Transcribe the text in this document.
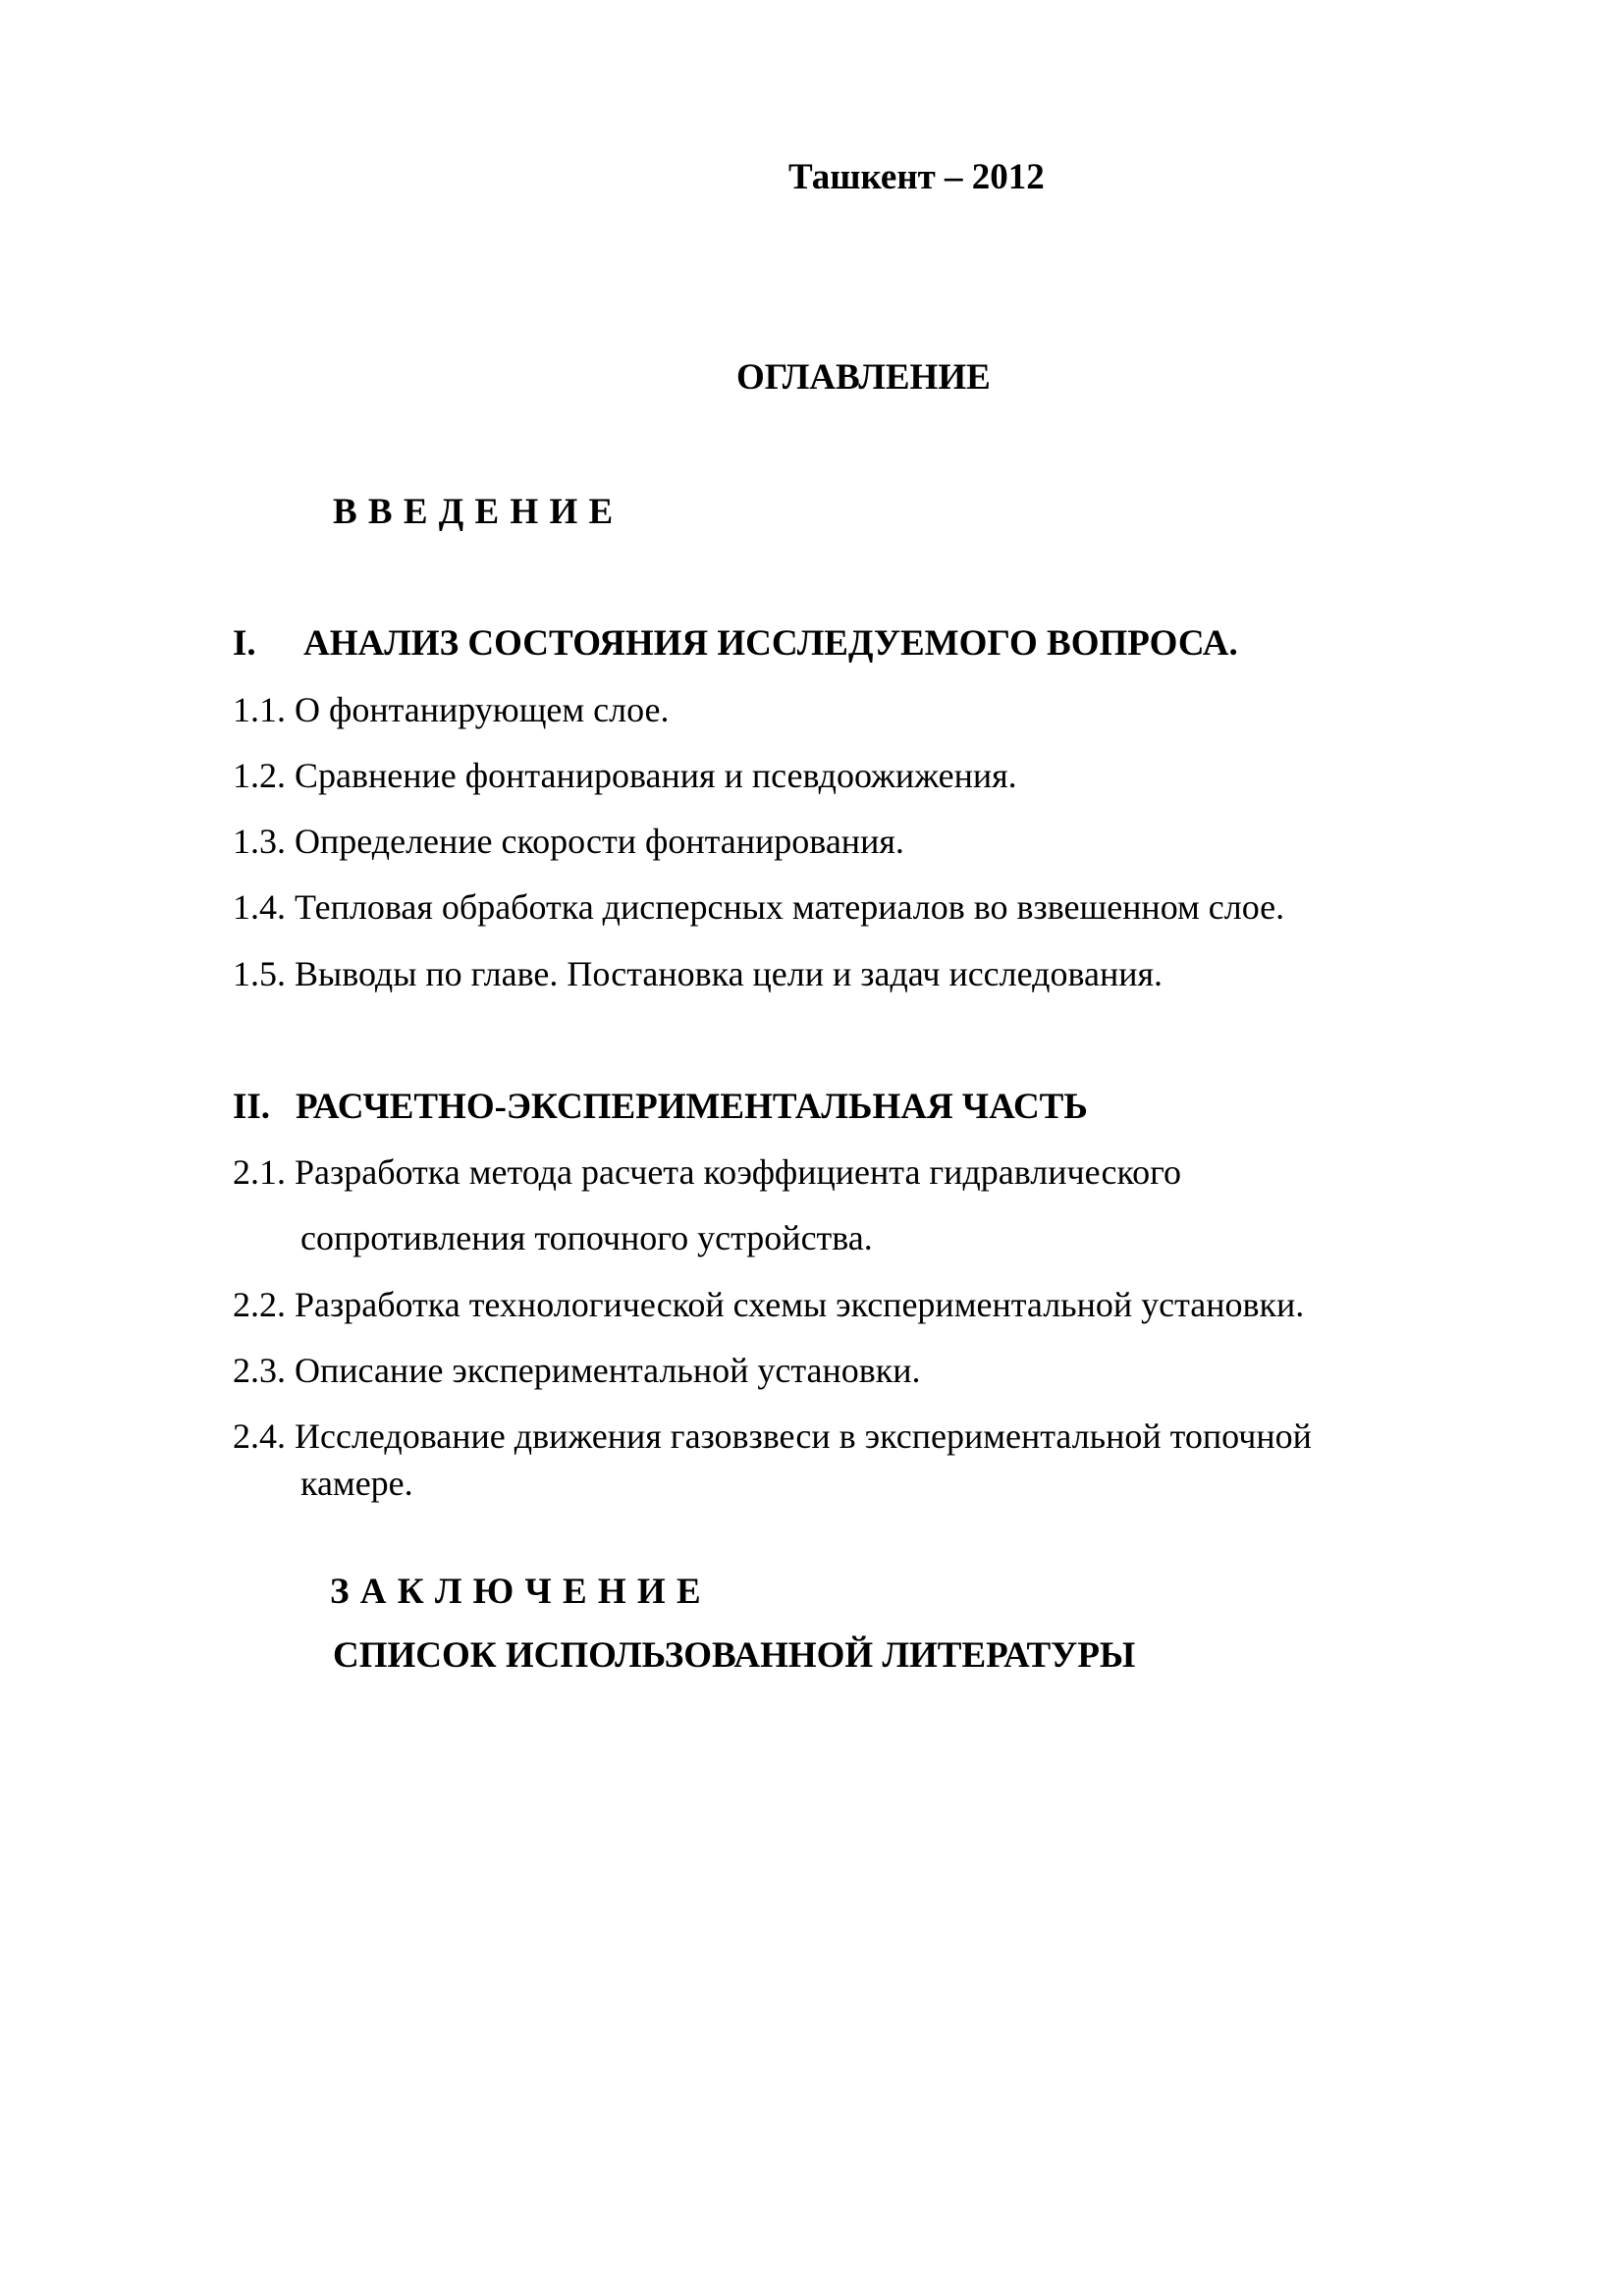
Ташкент – 2012
ОГЛАВЛЕНИЕ
В В Е Д Е Н И Е
I. АНАЛИЗ СОСТОЯНИЯ ИССЛЕДУЕМОГО ВОПРОСА.
1.1. О фонтанирующем слое.
1.2. Сравнение фонтанирования и псевдоожижения.
1.3. Определение скорости фонтанирования.
1.4. Тепловая обработка дисперсных материалов во взвешенном слое.
1.5. Выводы по главе. Постановка цели и задач исследования.
II. РАСЧЕТНО-ЭКСПЕРИМЕНТАЛЬНАЯ ЧАСТЬ
2.1. Разработка метода расчета коэффициента гидравлического
сопротивления топочного устройства.
2.2. Разработка технологической схемы экспериментальной установки.
2.3. Описание экспериментальной установки.
2.4. Исследование движения газовзвеси в экспериментальной топочной
камере.
З А К Л Ю Ч Е Н И Е
СПИСОК ИСПОЛЬЗОВАННОЙ ЛИТЕРАТУРЫ
